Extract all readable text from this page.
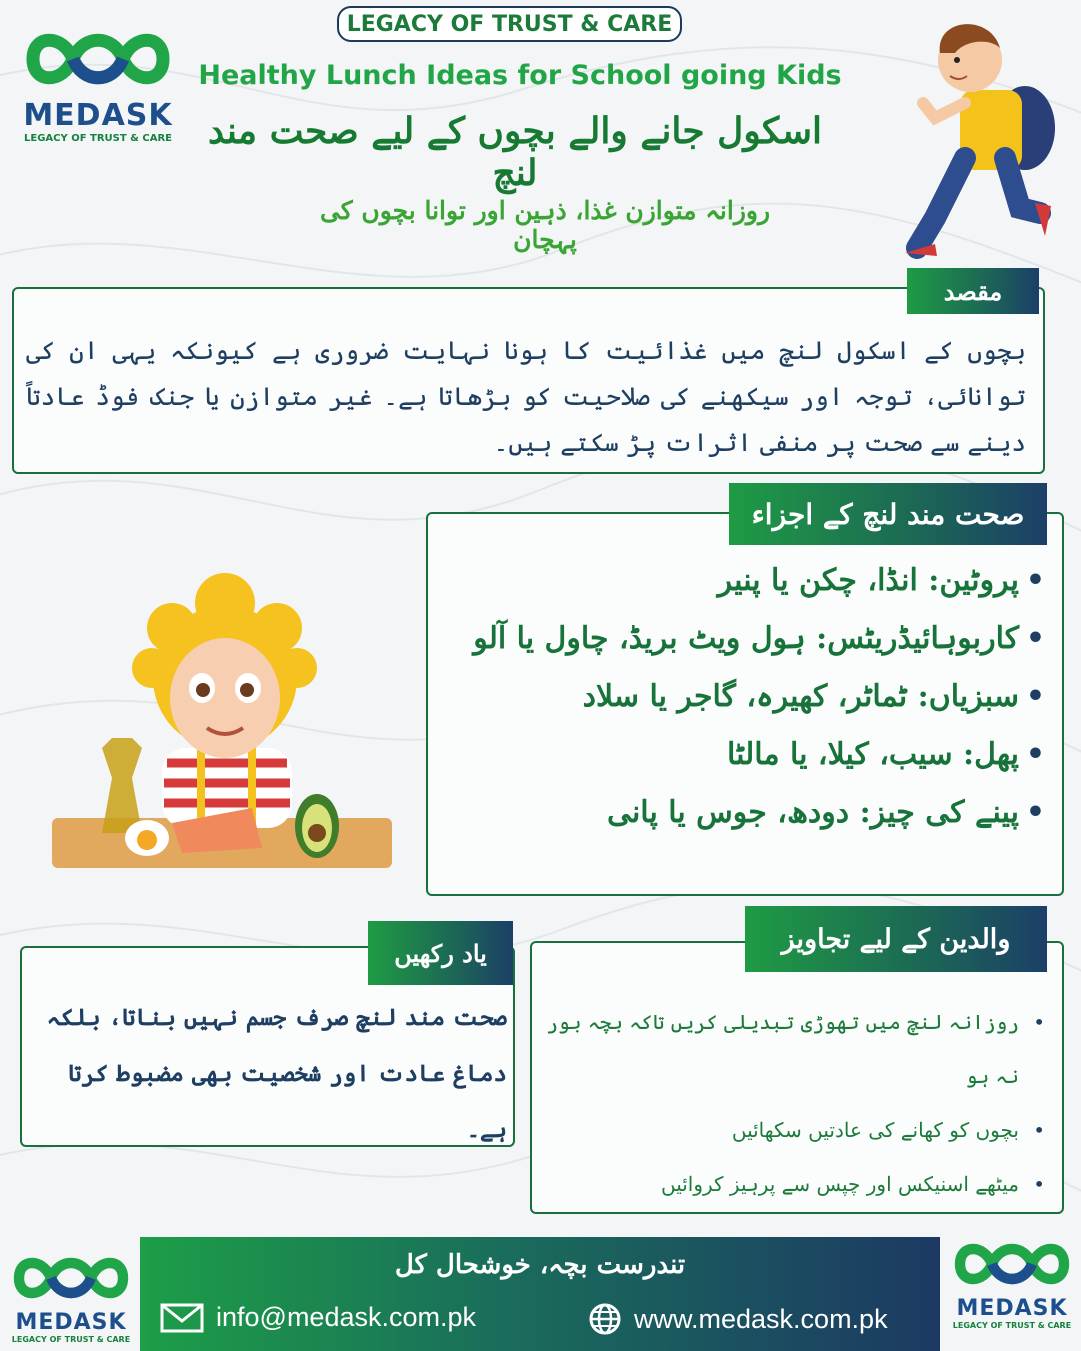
MEDASK
LEGACY OF TRUST & CARE
LEGACY OF TRUST & CARE
Healthy Lunch Ideas for School going Kids
اسکول جانے والے بچوں کے لیے صحت مند لنچ
روزانہ متوازن غذا، ذہین اور توانا بچوں کی پہچان
مقصد
بچوں کے اسکول لنچ میں غذائیت کا ہونا نہایت ضروری ہے کیونکہ یہی ان کی توانائی، توجہ اور سیکھنے کی صلاحیت کو بڑھاتا ہے۔ غیر متوازن یا جنک فوڈ عادتاً دینے سے صحت پر منفی اثرات پڑ سکتے ہیں۔
صحت مند لنچ کے اجزاء
• پروٹین: انڈا، چکن یا پنیر
• کاربوہائیڈریٹس: ہول ویٹ بریڈ، چاول یا آلو
• سبزیاں: ٹماٹر، کھیرہ، گاجر یا سلاد
• پھل: سیب، کیلا، یا مالٹا
• پینے کی چیز: دودھ، جوس یا پانی
یاد رکھیں
صحت مند لنچ صرف جسم نہیں بناتا، بلکہ دماغ عادت اور شخصیت بھی مضبوط کرتا ہے۔
والدین کے لیے تجاویز
• روزانہ لنچ میں تھوڑی تبدیلی کریں تاکہ بچہ بور نہ ہو
• بچوں کو کھانے کی عادتیں سکھائیں
• میٹھے اسنیکس اور چپس سے پرہیز کروائیں
تندرست بچہ، خوشحال کل
info@medask.com.pk	www.medask.com.pk
MEDASK
LEGACY OF TRUST & CARE
MEDASK
LEGACY OF TRUST & CARE
